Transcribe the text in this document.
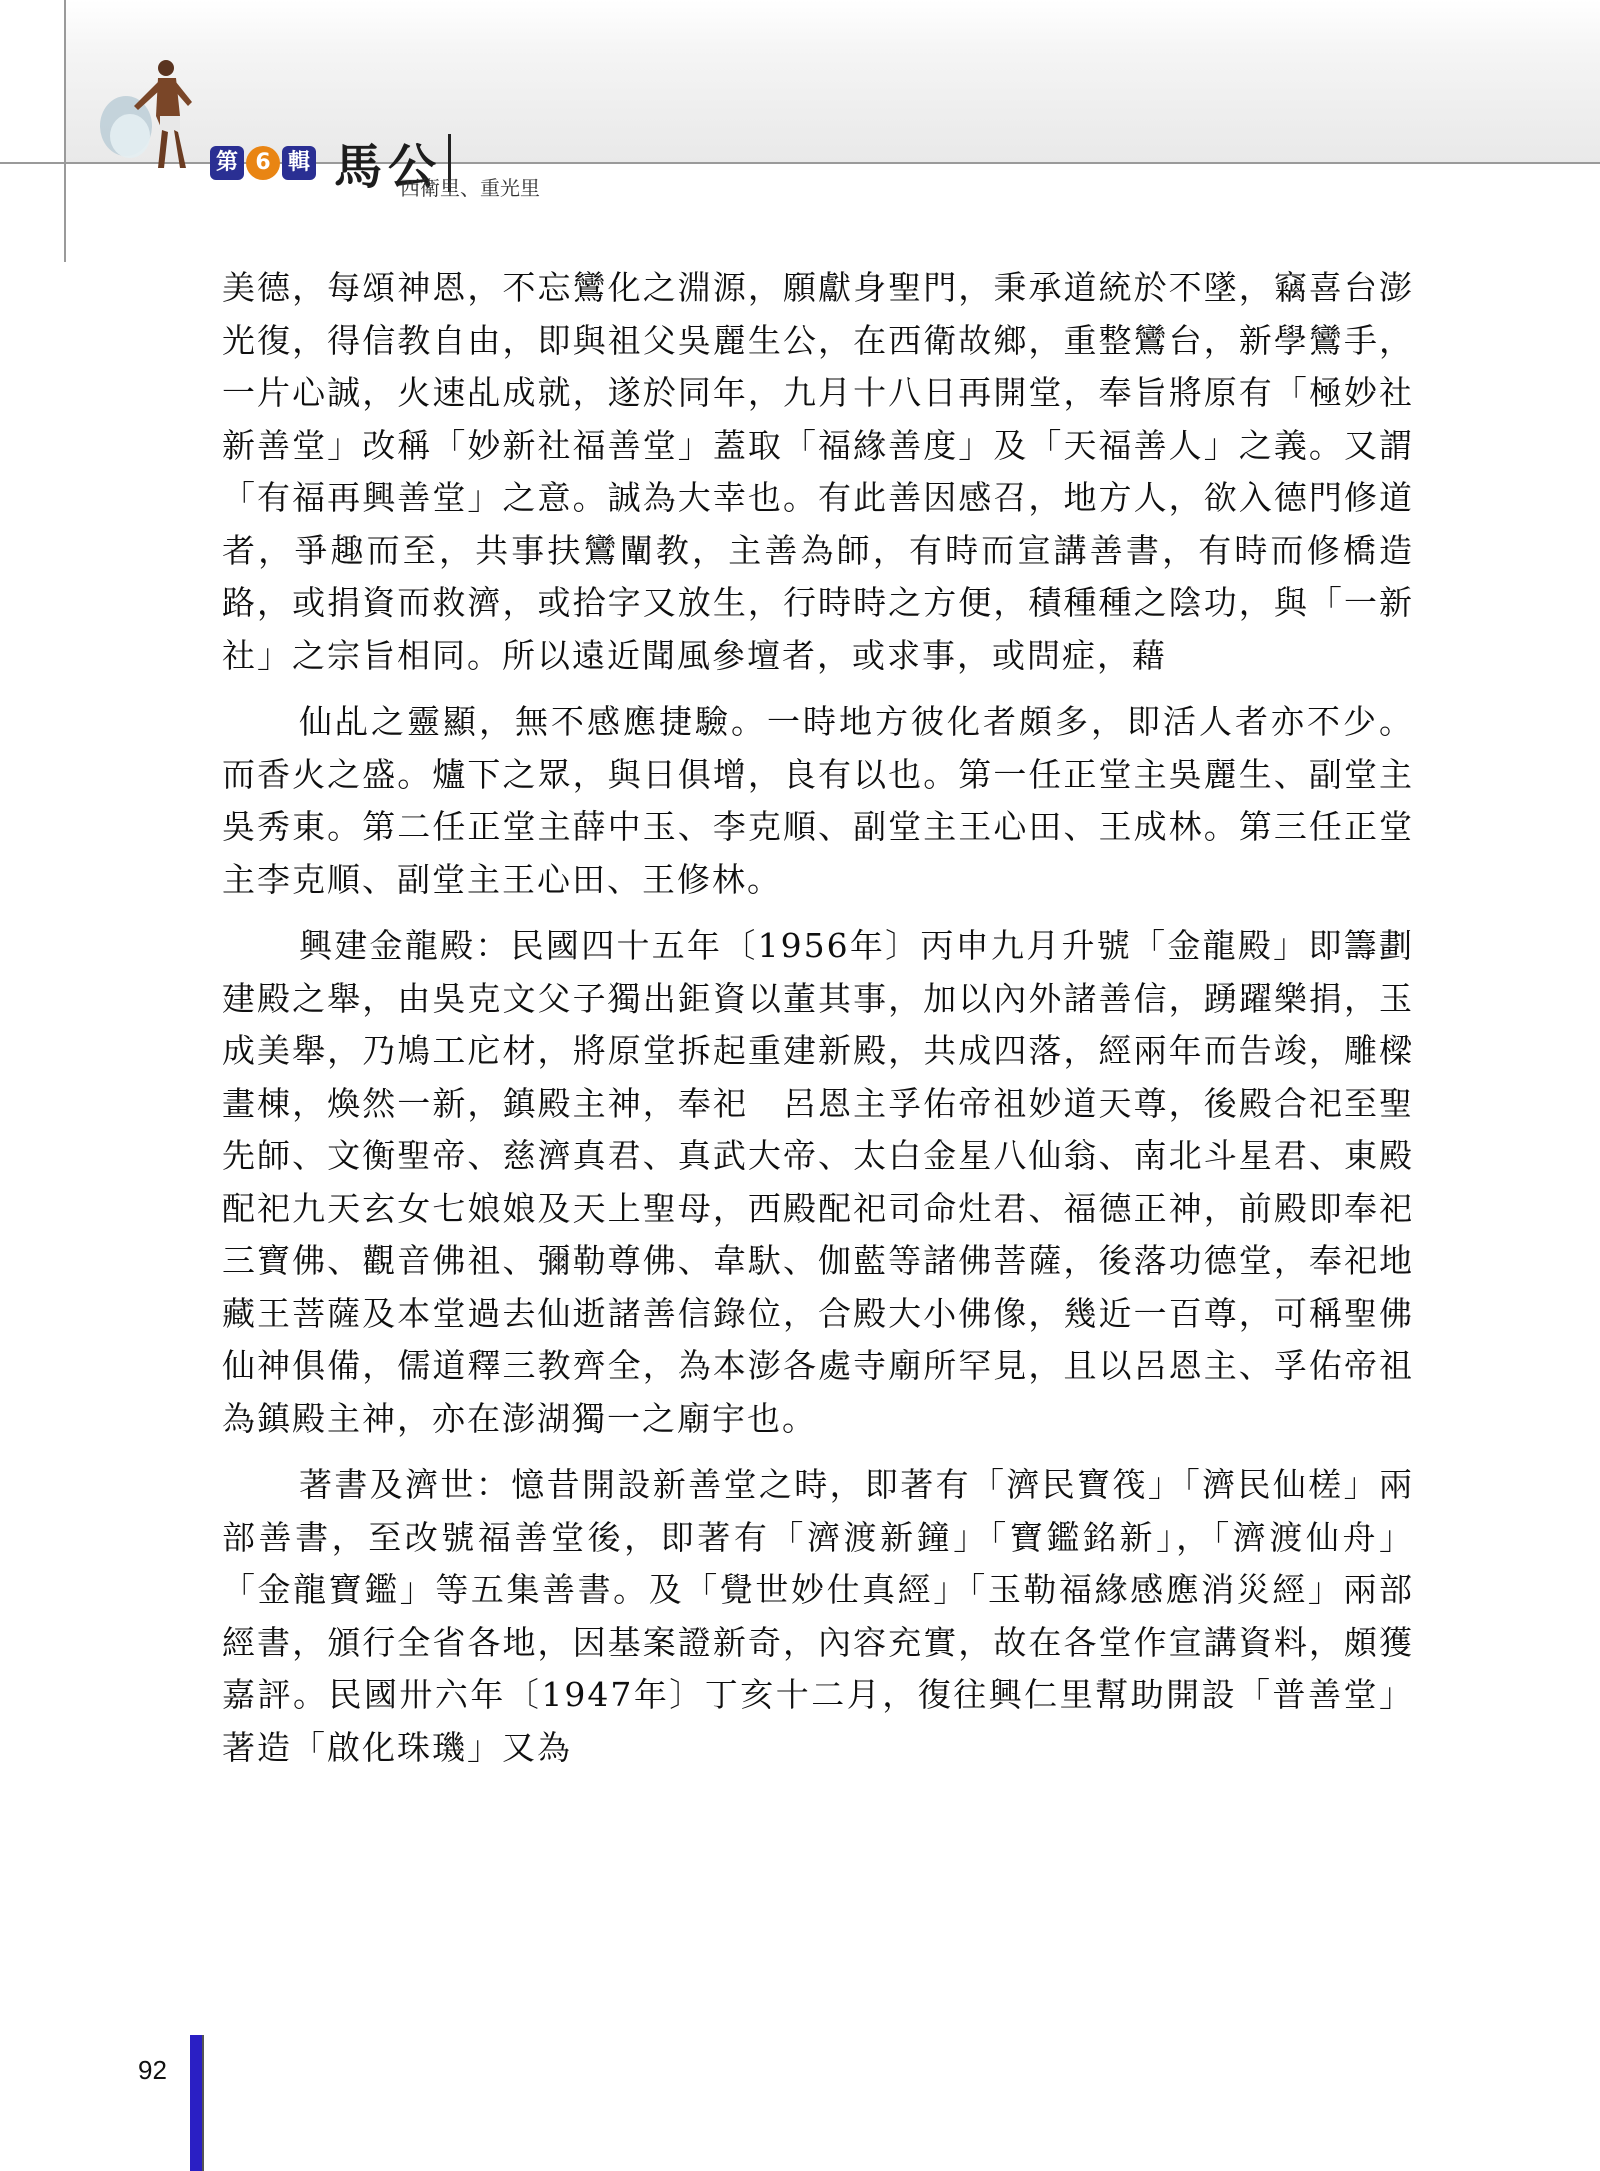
第 6 輯 馬公
西衛里、重光里

美德，每頌神恩，不忘鸞化之淵源，願獻身聖門，秉承道統於不墜，竊喜台澎光復，得信教自由，即與祖父吳麗生公，在西衛故鄉，重整鸞台，新學鸞手，一片心誠，火速乩成就，遂於同年，九月十八日再開堂，奉旨將原有「極妙社新善堂」改稱「妙新社福善堂」蓋取「福緣善度」及「天福善人」之義。又謂「有福再興善堂」之意。誠為大幸也。有此善因感召，地方人，欲入德門修道者，爭趣而至，共事扶鸞闡教，主善為師，有時而宣講善書，有時而修橋造路，或捐資而救濟，或拾字又放生，行時時之方便，積種種之陰功，與「一新社」之宗旨相同。所以遠近聞風參壇者，或求事，或問症，藉

仙乩之靈顯，無不感應捷驗。一時地方彼化者頗多，即活人者亦不少。而香火之盛。爐下之眾，與日俱增，良有以也。第一任正堂主吳麗生、副堂主吳秀東。第二任正堂主薛中玉、李克順、副堂主王心田、王成林。第三任正堂主李克順、副堂主王心田、王修林。

興建金龍殿：民國四十五年〔1956年〕丙申九月升號「金龍殿」即籌劃建殿之舉，由吳克文父子獨出鉅資以董其事，加以內外諸善信，踴躍樂捐，玉成美舉，乃鳩工庀材，將原堂拆起重建新殿，共成四落，經兩年而告竣，雕樑畫棟，煥然一新，鎮殿主神，奉祀　呂恩主孚佑帝祖妙道天尊，後殿合祀至聖先師、文衡聖帝、慈濟真君、真武大帝、太白金星八仙翁、南北斗星君、東殿配祀九天玄女七娘娘及天上聖母，西殿配祀司命灶君、福德正神，前殿即奉祀三寶佛、觀音佛祖、彌勒尊佛、韋馱、伽藍等諸佛菩薩，後落功德堂，奉祀地藏王菩薩及本堂過去仙逝諸善信錄位，合殿大小佛像，幾近一百尊，可稱聖佛仙神俱備，儒道釋三教齊全，為本澎各處寺廟所罕見，且以呂恩主、孚佑帝祖為鎮殿主神，亦在澎湖獨一之廟宇也。

著書及濟世：憶昔開設新善堂之時，即著有「濟民寶筏」「濟民仙槎」兩部善書，至改號福善堂後，即著有「濟渡新鐘」「寶鑑銘新」，「濟渡仙舟」「金龍寶鑑」等五集善書。及「覺世妙仕真經」「玉勒福緣感應消災經」兩部經書，頒行全省各地，因基案證新奇，內容充實，故在各堂作宣講資料，頗獲嘉評。民國卅六年〔1947年〕丁亥十二月，復往興仁里幫助開設「普善堂」著造「啟化珠璣」又為

92
